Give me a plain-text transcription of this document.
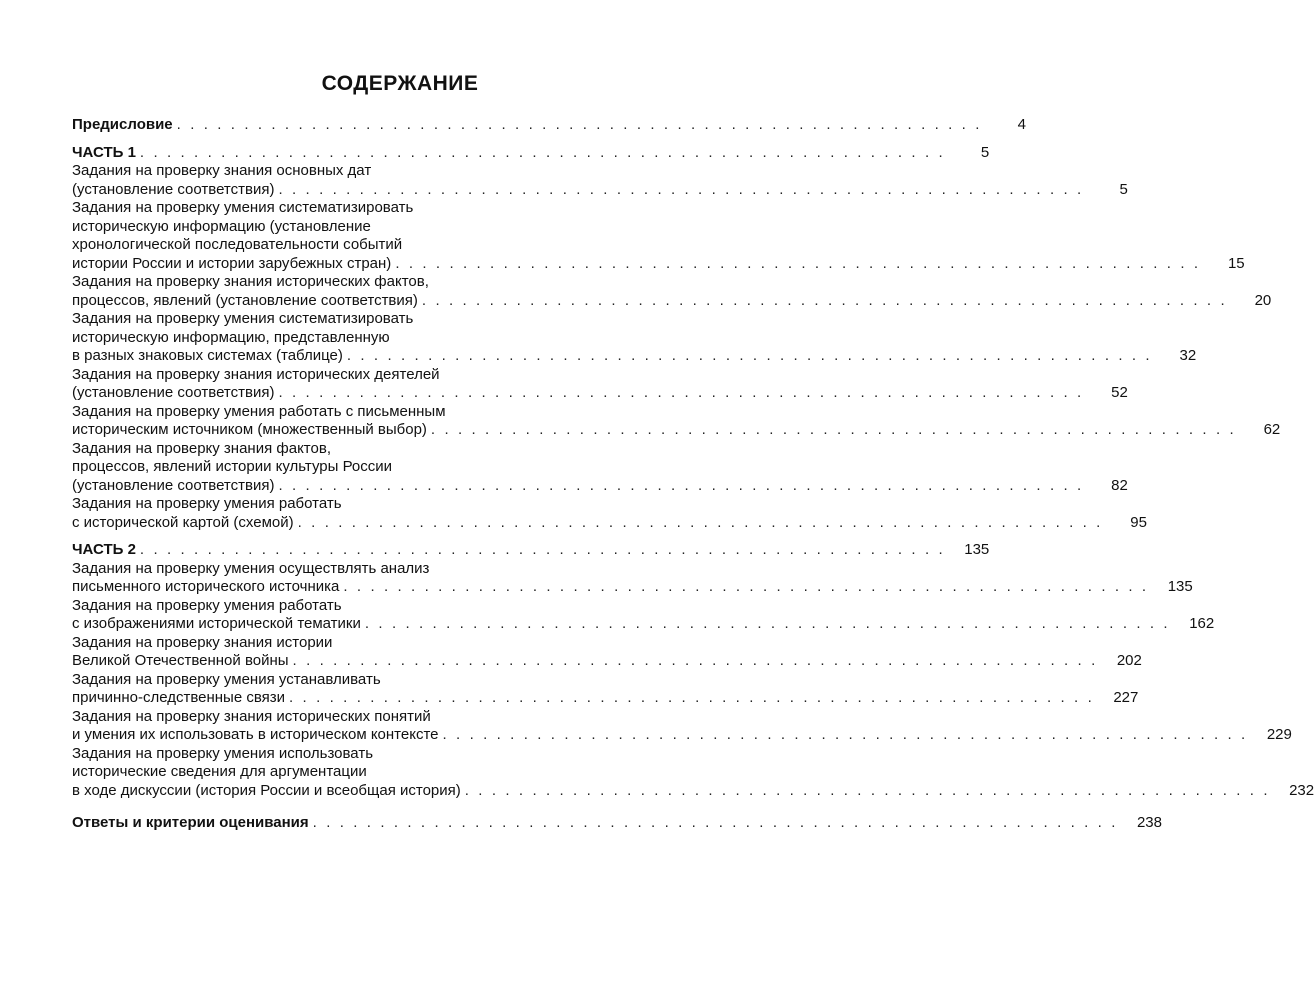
СОДЕРЖАНИЕ
Предисловие . . . . . . . . . . . . . . . . . . . . . . . . . . . . . . . . . . . . . . . . . . . . . . . . . . . . . . . . . . . .	4
ЧАСТЬ 1 . . . . . . . . . . . . . . . . . . . . . . . . . . . . . . . . . . . . . . . . . . . . . . . . . . . . . . . . . . . .	5
Задания на проверку знания основных дат
(установление соответствия) . . . . . . . . . . . . . . . . . . . . . . . . . . . . . . . . . . . . . . . . . . . . . . . . . . . . . . . . . . . .	5
Задания на проверку умения систематизировать
историческую информацию (установление
хронологической последовательности событий
истории России и истории зарубежных стран) . . . . . . . . . . . . . . . . . . . . . . . . . . . . . . . . . . . . . . . . . . . . . . . . . . . . . . . . . . . .	15
Задания на проверку знания исторических фактов,
процессов, явлений (установление соответствия) . . . . . . . . . . . . . . . . . . . . . . . . . . . . . . . . . . . . . . . . . . . . . . . . . . . . . . . . . . . .	20
Задания на проверку умения систематизировать
историческую информацию, представленную
в разных знаковых системах (таблице) . . . . . . . . . . . . . . . . . . . . . . . . . . . . . . . . . . . . . . . . . . . . . . . . . . . . . . . . . . . .	32
Задания на проверку знания исторических деятелей
(установление соответствия) . . . . . . . . . . . . . . . . . . . . . . . . . . . . . . . . . . . . . . . . . . . . . . . . . . . . . . . . . . . .	52
Задания на проверку умения работать с письменным
историческим источником (множественный выбор) . . . . . . . . . . . . . . . . . . . . . . . . . . . . . . . . . . . . . . . . . . . . . . . . . . . . . . . . . . . .	62
Задания на проверку знания фактов,
процессов, явлений истории культуры России
(установление соответствия) . . . . . . . . . . . . . . . . . . . . . . . . . . . . . . . . . . . . . . . . . . . . . . . . . . . . . . . . . . . .	82
Задания на проверку умения работать
с исторической картой (схемой) . . . . . . . . . . . . . . . . . . . . . . . . . . . . . . . . . . . . . . . . . . . . . . . . . . . . . . . . . . . .	95
ЧАСТЬ 2 . . . . . . . . . . . . . . . . . . . . . . . . . . . . . . . . . . . . . . . . . . . . . . . . . . . . . . . . . . . .	135
Задания на проверку умения осуществлять анализ
письменного исторического источника . . . . . . . . . . . . . . . . . . . . . . . . . . . . . . . . . . . . . . . . . . . . . . . . . . . . . . . . . . . .	135
Задания на проверку умения работать
с изображениями исторической тематики . . . . . . . . . . . . . . . . . . . . . . . . . . . . . . . . . . . . . . . . . . . . . . . . . . . . . . . . . . . .	162
Задания на проверку знания истории
Великой Отечественной войны . . . . . . . . . . . . . . . . . . . . . . . . . . . . . . . . . . . . . . . . . . . . . . . . . . . . . . . . . . . .	202
Задания на проверку умения устанавливать
причинно-следственные связи . . . . . . . . . . . . . . . . . . . . . . . . . . . . . . . . . . . . . . . . . . . . . . . . . . . . . . . . . . . .	227
Задания на проверку знания исторических понятий
и умения их использовать в историческом контексте . . . . . . . . . . . . . . . . . . . . . . . . . . . . . . . . . . . . . . . . . . . . . . . . . . . . . . . . . . . .	229
Задания на проверку умения использовать
исторические сведения для аргументации
в ходе дискуссии (история России и всеобщая история) . . . . . . . . . . . . . . . . . . . . . . . . . . . . . . . . . . . . . . . . . . . . . . . . . . . . . . . . . . . .	232
Ответы и критерии оценивания . . . . . . . . . . . . . . . . . . . . . . . . . . . . . . . . . . . . . . . . . . . . . . . . . . . . . . . . . . . .	238
